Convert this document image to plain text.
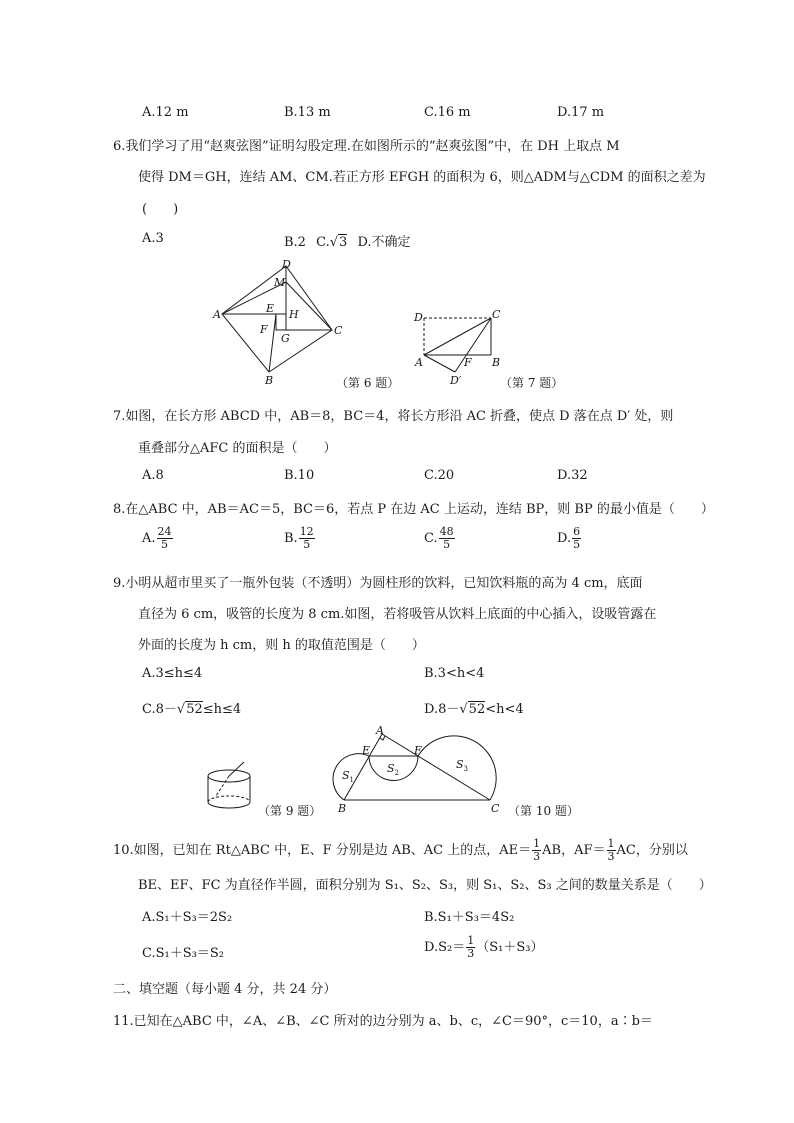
A.12 m	B.13 m	C.16 m	D.17 m
6.我们学习了用“赵爽弦图”证明勾股定理.在如图所示的“赵爽弦图”中，在 DH 上取点 M
使得 DM＝GH，连结 AM、CM.若正方形 EFGH 的面积为 6，则△ADM与△CDM 的面积之差为
(　　)
A.3	B.2 C.√3 D.不确定
D
M
E H
A
F
G
C
B	（第 6 题）
D	C
A	F B
D′	（第 7 题）
7.如图，在长方形 ABCD 中，AB＝8，BC＝4，将长方形沿 AC 折叠，使点 D 落在点 D′ 处，则
重叠部分△AFC 的面积是（　　）
A.8	B.10	C.20	D.32
8.在△ABC 中，AB＝AC＝5，BC＝6，若点 P 在边 AC 上运动，连结 BP，则 BP 的最小值是（　　）
A. $\frac{24}{5}$	B. $\frac{12}{5}$	C. $\frac{48}{5}$	D. $\frac{6}{5}$
9.小明从超市里买了一瓶外包装（不透明）为圆柱形的饮料，已知饮料瓶的高为 4 cm，底面
直径为 6 cm，吸管的长度为 8 cm.如图，若将吸管从饮料上底面的中心插入，设吸管露在
外面的长度为 h cm，则 h 的取值范围是（　　）
A.3≤h≤4	B.3<h<4
C.8－√52≤h≤4	D.8－√52<h<4
（第 9 题）
A
E	F
B	C
$S_1$
$S_2$
$S_3$
（第 10 题）
10.如图，已知在 Rt△ABC 中，E、F 分别是边 AB、AC 上的点，$AE= \frac{1}{3}$ AB，$AF= \frac{1}{3}$ AC，分别以
BE、EF、FC 为直径作半圆，面积分别为 S₁、S₂、S₃，则 S₁、S₂、S₃ 之间的数量关系是（　　）
A.S₁＋S₃＝2S₂	B.S₁＋S₃＝4S₂
C.S₁＋S₃＝S₂	$D.S_2= \frac{1}{3} (S_1+S_3)$
二、填空题（每小题 4 分，共 24 分）
11.已知在△ABC 中，∠A、∠B、∠C 所对的边分别为 a、b、c，∠C＝90°，c＝10，a∶b＝
